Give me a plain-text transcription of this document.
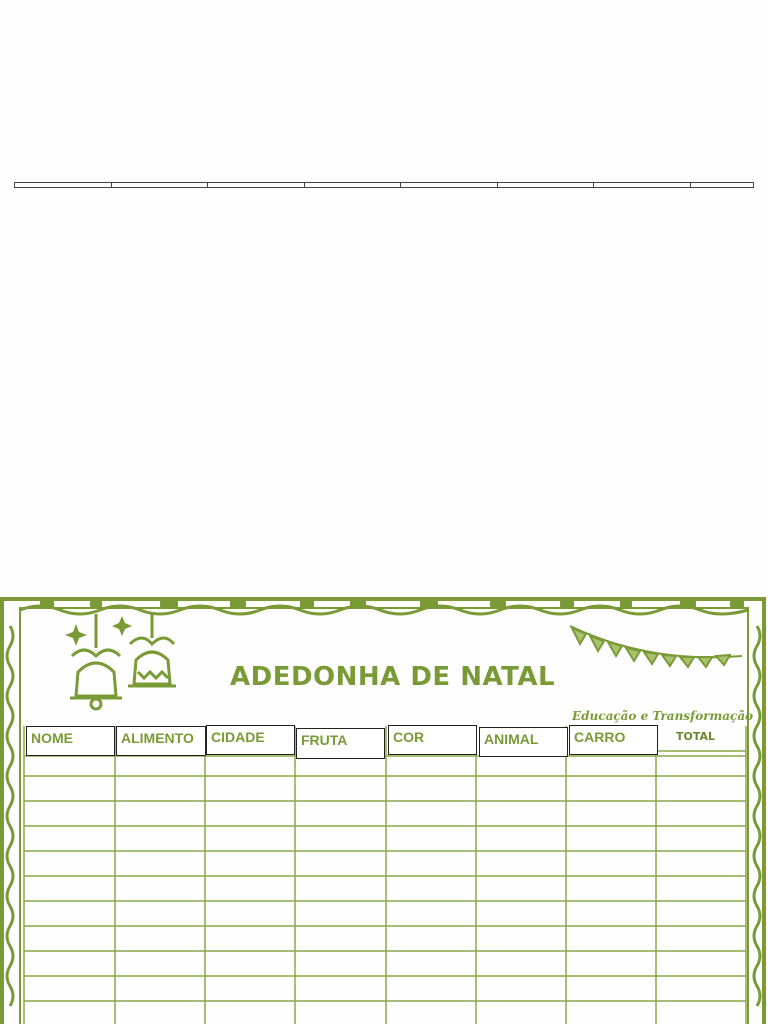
ADEDONHA DE NATAL
Educação e Transformação
NOME	ALIMENTO	CIDADE	FRUTA	COR	ANIMAL	CARRO	TOTAL
